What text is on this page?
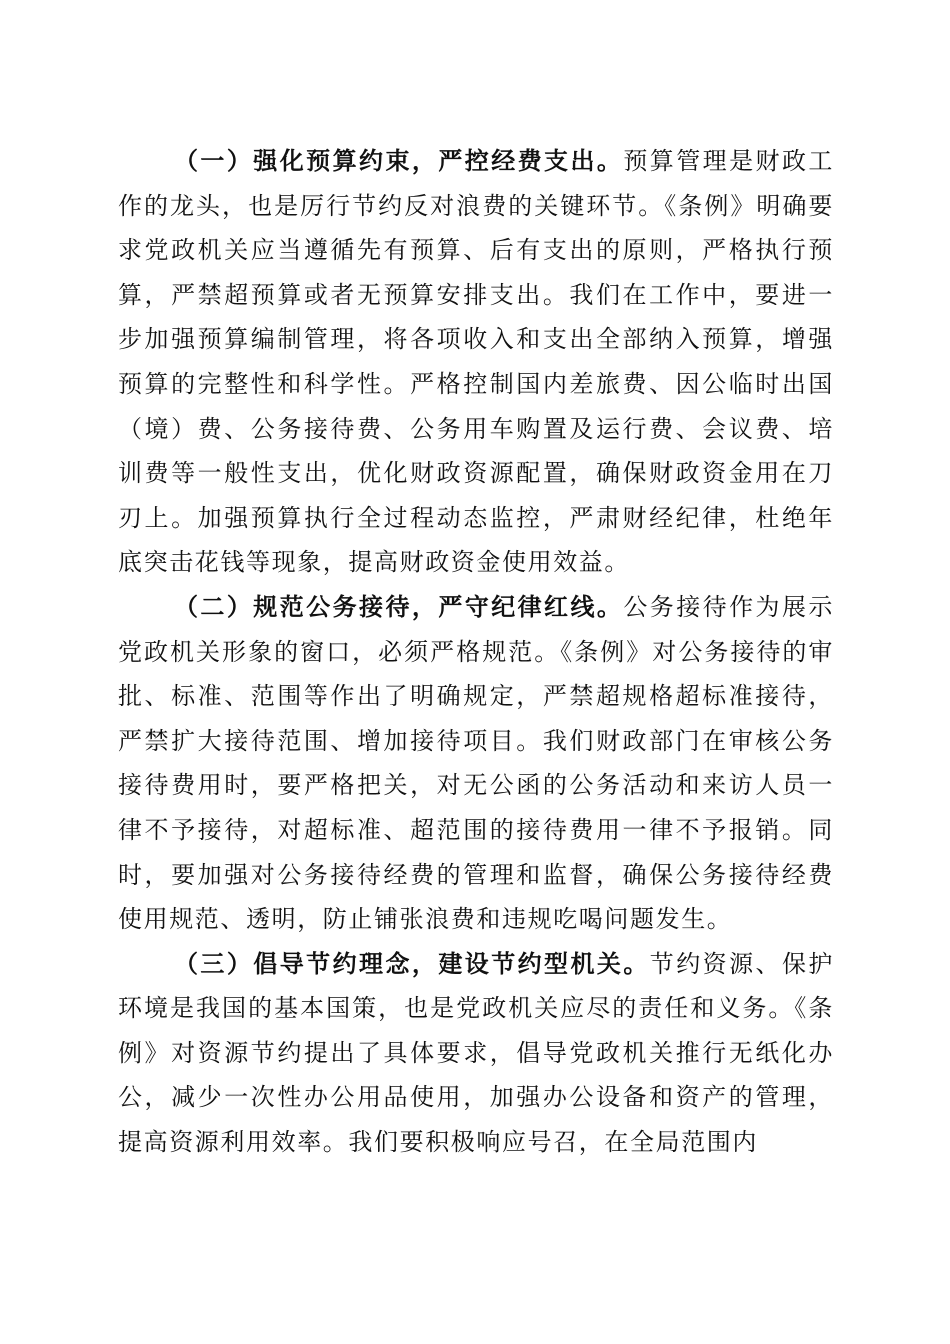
（一）强化预算约束，严控经费支出。预算管理是财政工作的龙头，也是厉行节约反对浪费的关键环节。《条例》明确要求党政机关应当遵循先有预算、后有支出的原则，严格执行预算，严禁超预算或者无预算安排支出。我们在工作中，要进一步加强预算编制管理，将各项收入和支出全部纳入预算，增强预算的完整性和科学性。严格控制国内差旅费、因公临时出国（境）费、公务接待费、公务用车购置及运行费、会议费、培训费等一般性支出，优化财政资源配置，确保财政资金用在刀刃上。加强预算执行全过程动态监控，严肃财经纪律，杜绝年底突击花钱等现象，提高财政资金使用效益。

（二）规范公务接待，严守纪律红线。公务接待作为展示党政机关形象的窗口，必须严格规范。《条例》对公务接待的审批、标准、范围等作出了明确规定，严禁超规格超标准接待，严禁扩大接待范围、增加接待项目。我们财政部门在审核公务接待费用时，要严格把关，对无公函的公务活动和来访人员一律不予接待，对超标准、超范围的接待费用一律不予报销。同时，要加强对公务接待经费的管理和监督，确保公务接待经费使用规范、透明，防止铺张浪费和违规吃喝问题发生。

（三）倡导节约理念，建设节约型机关。节约资源、保护环境是我国的基本国策，也是党政机关应尽的责任和义务。《条例》对资源节约提出了具体要求，倡导党政机关推行无纸化办公，减少一次性办公用品使用，加强办公设备和资产的管理，提高资源利用效率。我们要积极响应号召，在全局范围内
